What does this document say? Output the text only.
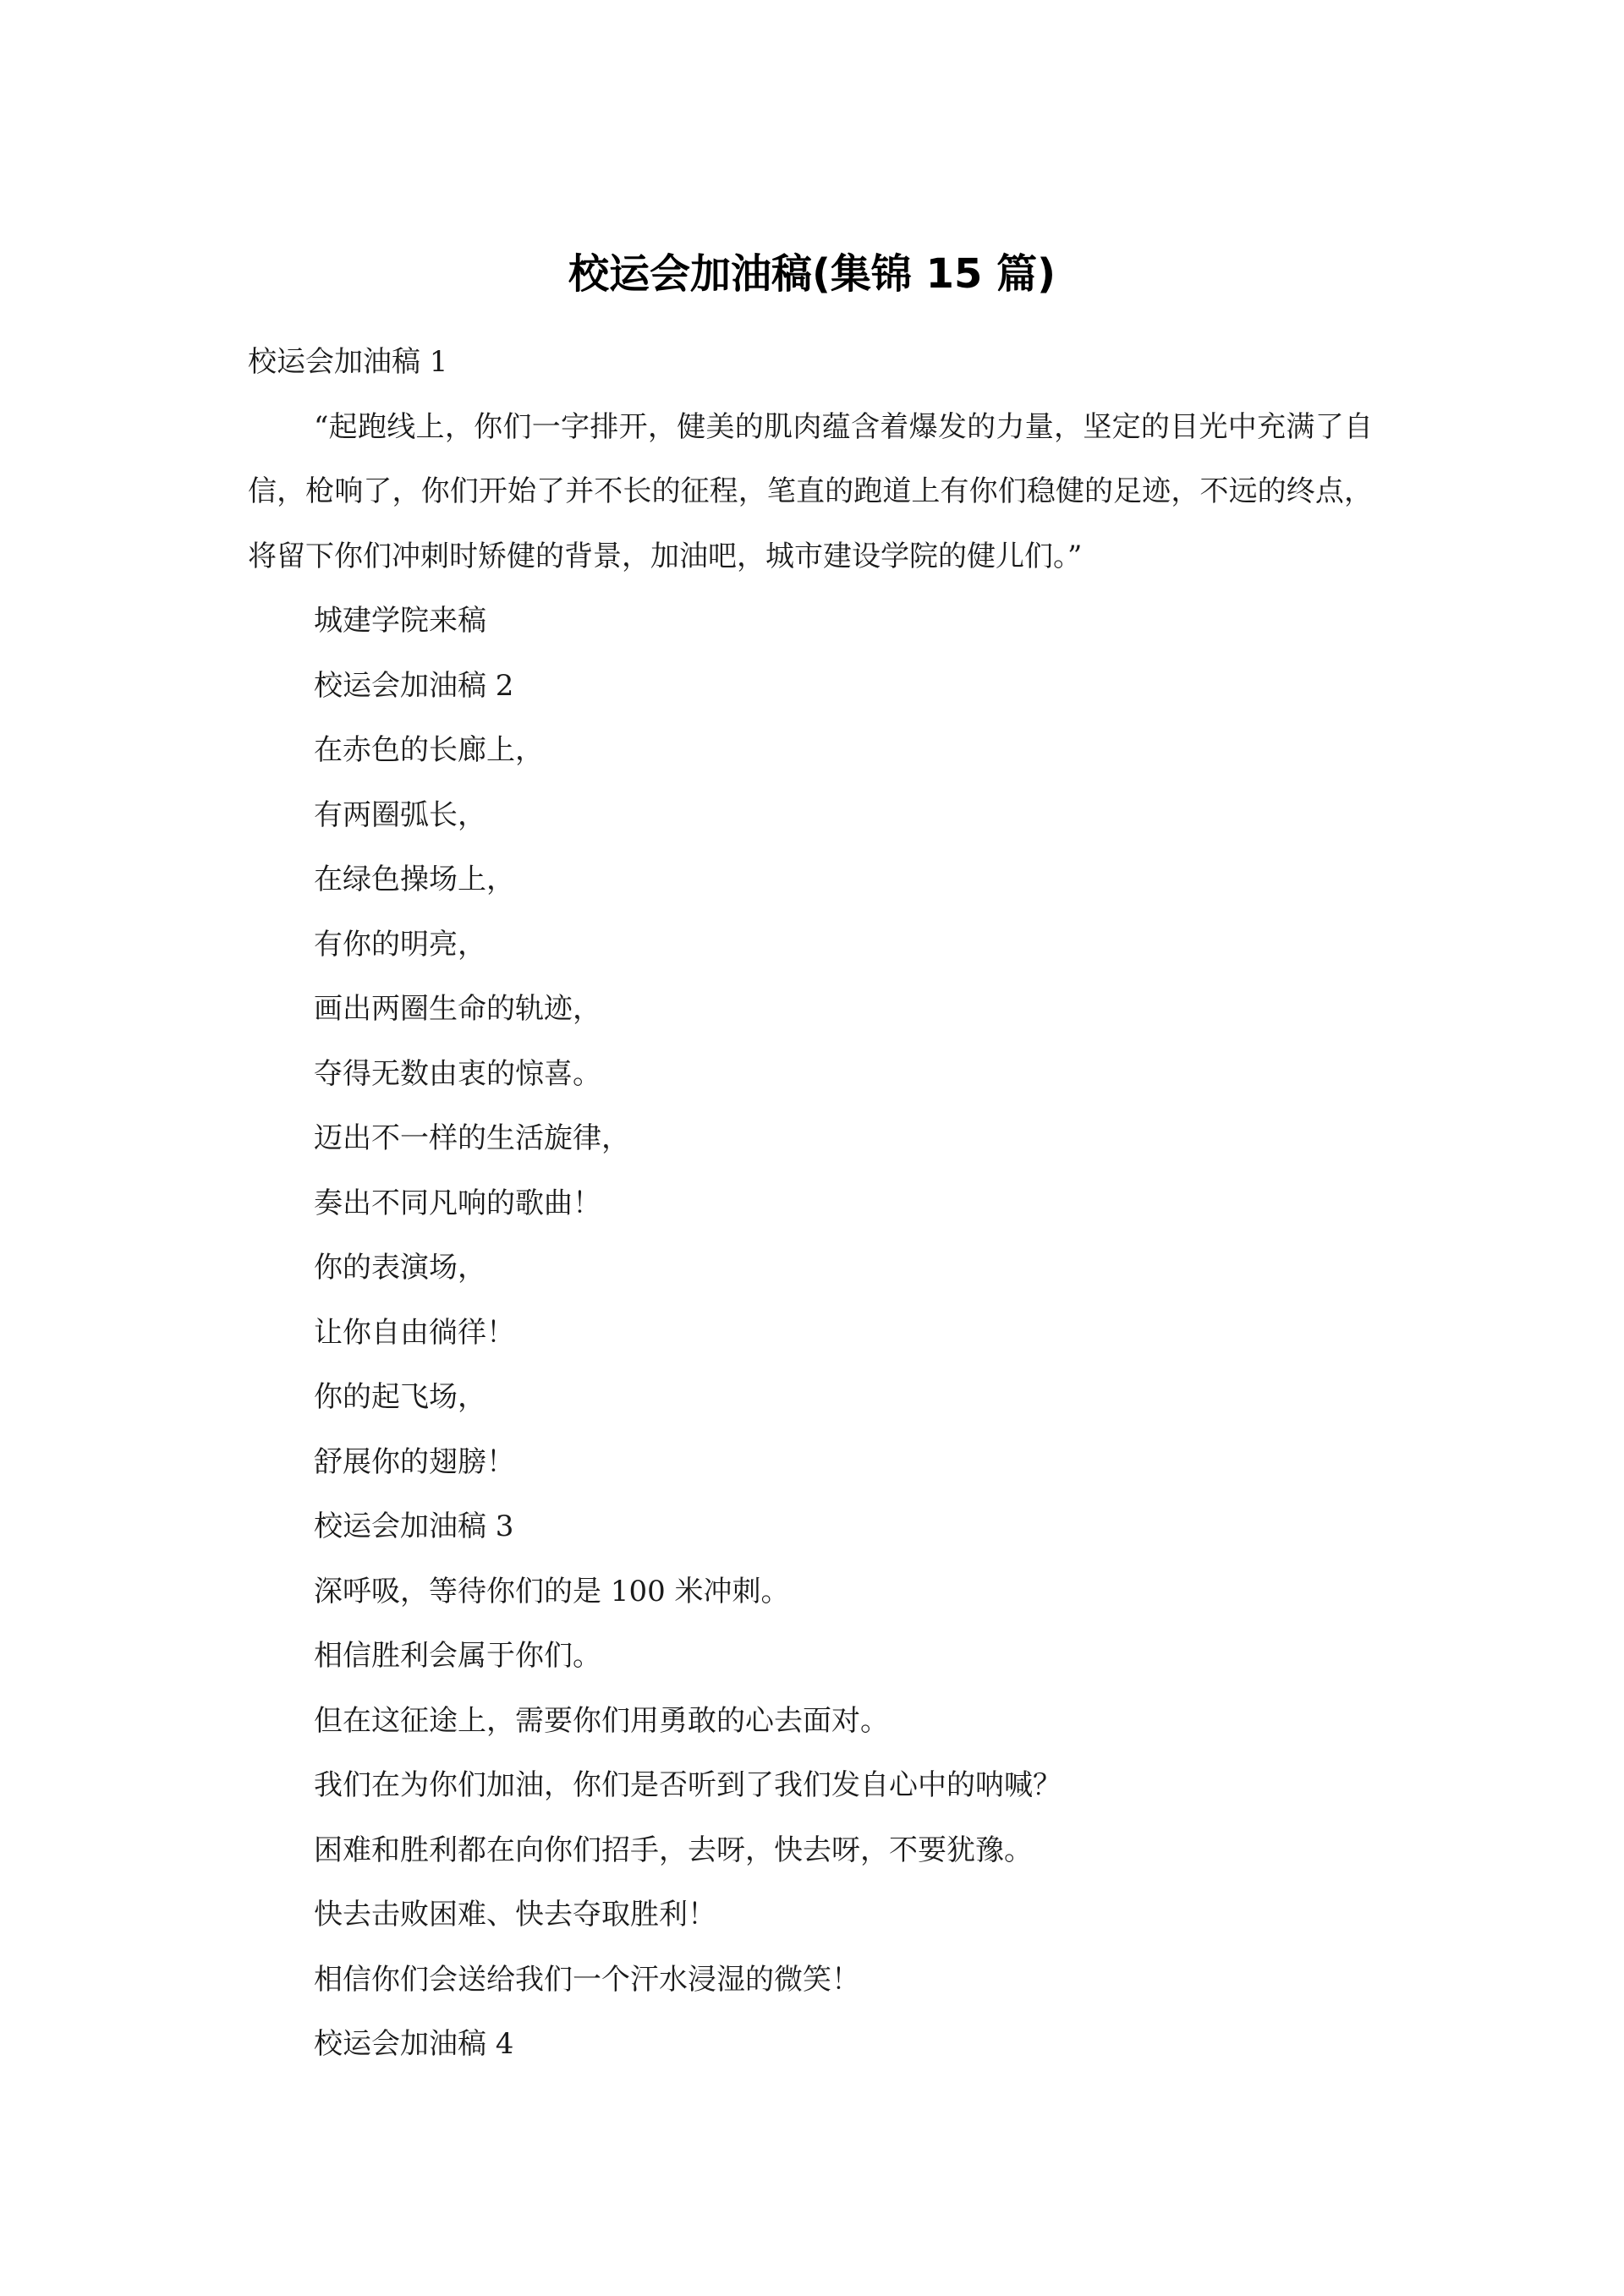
校运会加油稿(集锦 15 篇)

校运会加油稿 1

“起跑线上，你们一字排开，健美的肌肉蕴含着爆发的力量，坚定的目光中充满了自信，枪响了，你们开始了并不长的征程，笔直的跑道上有你们稳健的足迹，不远的终点，将留下你们冲刺时矫健的背景，加油吧，城市建设学院的健儿们。”

城建学院来稿

校运会加油稿 2

在赤色的长廊上，

有两圈弧长，

在绿色操场上，

有你的明亮，

画出两圈生命的轨迹，

夺得无数由衷的惊喜。

迈出不一样的生活旋律，

奏出不同凡响的歌曲！

你的表演场，

让你自由徜徉！

你的起飞场，

舒展你的翅膀！

校运会加油稿 3

深呼吸，等待你们的是 100 米冲刺。

相信胜利会属于你们。

但在这征途上，需要你们用勇敢的心去面对。

我们在为你们加油，你们是否听到了我们发自心中的呐喊？

困难和胜利都在向你们招手，去呀，快去呀，不要犹豫。

快去击败困难、快去夺取胜利！

相信你们会送给我们一个汗水浸湿的微笑！

校运会加油稿 4
